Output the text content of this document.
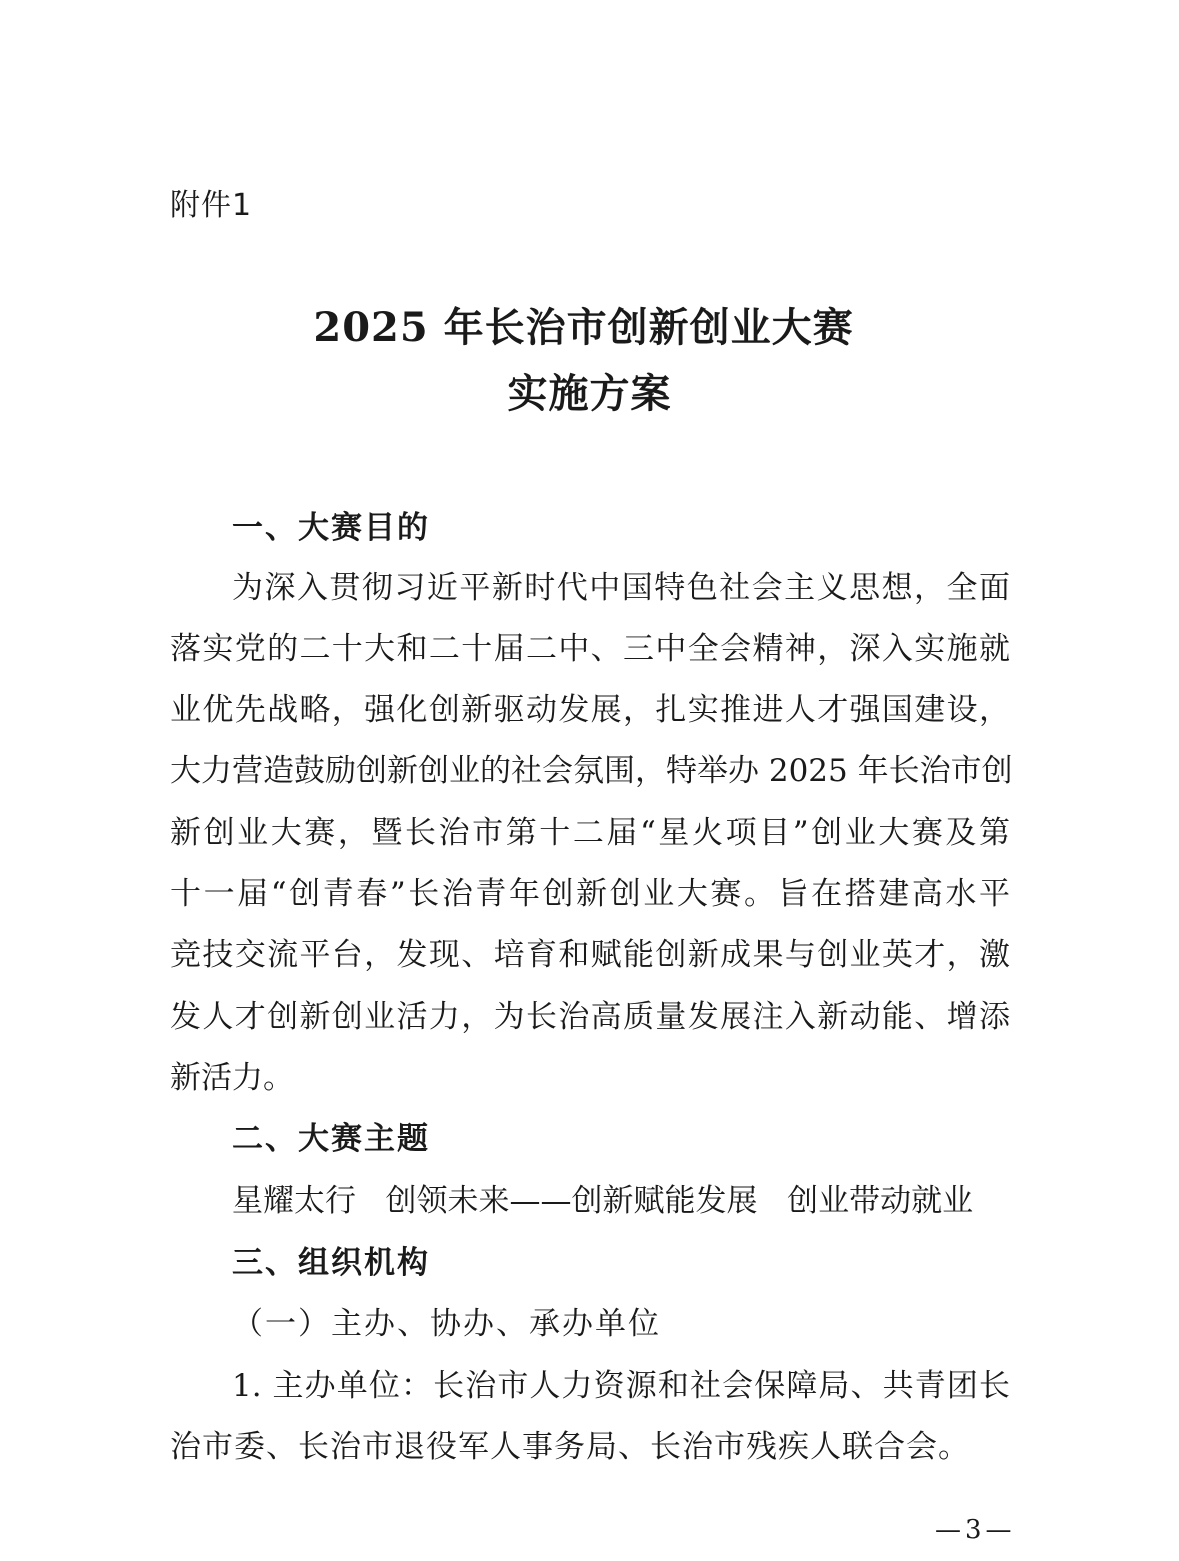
附件1
2025 年长治市创新创业大赛
实施方案
一、大赛目的
为深入贯彻习近平新时代中国特色社会主义思想，全面
落实党的二十大和二十届二中、三中全会精神，深入实施就
业优先战略，强化创新驱动发展，扎实推进人才强国建设，
大力营造鼓励创新创业的社会氛围，特举办 2025 年长治市创
新创业大赛，暨长治市第十二届“星火项目”创业大赛及第
十一届“创青春”长治青年创新创业大赛。旨在搭建高水平
竞技交流平台，发现、培育和赋能创新成果与创业英才，激
发人才创新创业活力，为长治高质量发展注入新动能、增添
新活力。
二、大赛主题
星耀太行   创领未来——创新赋能发展   创业带动就业
三、组织机构
（一）主办、协办、承办单位
1. 主办单位：长治市人力资源和社会保障局、共青团长
治市委、长治市退役军人事务局、长治市残疾人联合会。
—3—
